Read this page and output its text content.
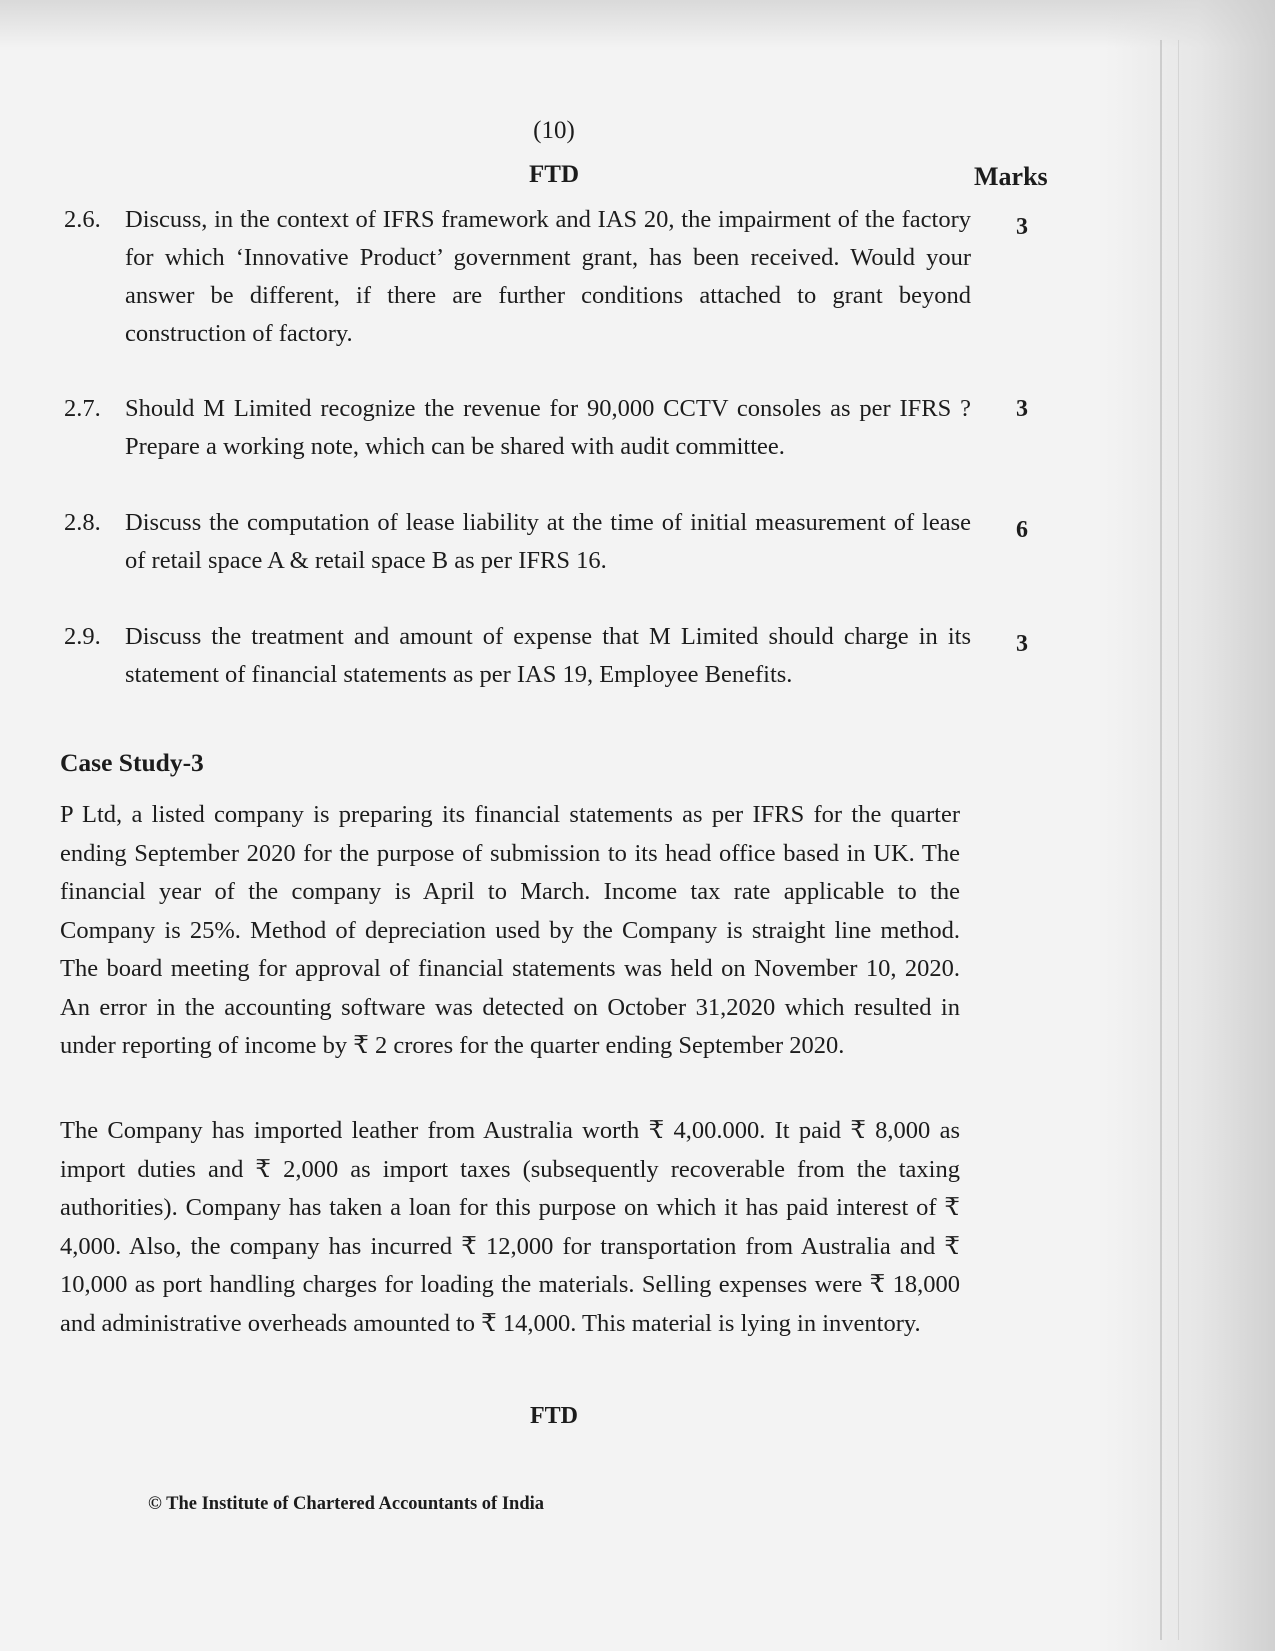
(10)
FTD	Marks
2.6. Discuss, in the context of IFRS framework and IAS 20, the impairment of the factory for which ‘Innovative Product’ government grant, has been received. Would your answer be different, if there are further conditions attached to grant beyond construction of factory.
3
2.7. Should M Limited recognize the revenue for 90,000 CCTV consoles as per IFRS ? Prepare a working note, which can be shared with audit committee.
3
2.8. Discuss the computation of lease liability at the time of initial measurement of lease of retail space A & retail space B as per IFRS 16.
6
2.9. Discuss the treatment and amount of expense that M Limited should charge in its statement of financial statements as per IAS 19, Employee Benefits.
3
Case Study-3
P Ltd, a listed company is preparing its financial statements as per IFRS for the quarter ending September 2020 for the purpose of submission to its head office based in UK. The financial year of the company is April to March. Income tax rate applicable to the Company is 25%. Method of depreciation used by the Company is straight line method. The board meeting for approval of financial statements was held on November 10, 2020. An error in the accounting software was detected on October 31,2020 which resulted in under reporting of income by ₹ 2 crores for the quarter ending September 2020.
The Company has imported leather from Australia worth ₹ 4,00.000. It paid ₹ 8,000 as import duties and ₹ 2,000 as import taxes (subsequently recoverable from the taxing authorities). Company has taken a loan for this purpose on which it has paid interest of ₹ 4,000. Also, the company has incurred ₹ 12,000 for transportation from Australia and ₹ 10,000 as port handling charges for loading the materials. Selling expenses were ₹ 18,000 and administrative overheads amounted to ₹ 14,000. This material is lying in inventory.
FTD
© The Institute of Chartered Accountants of India
